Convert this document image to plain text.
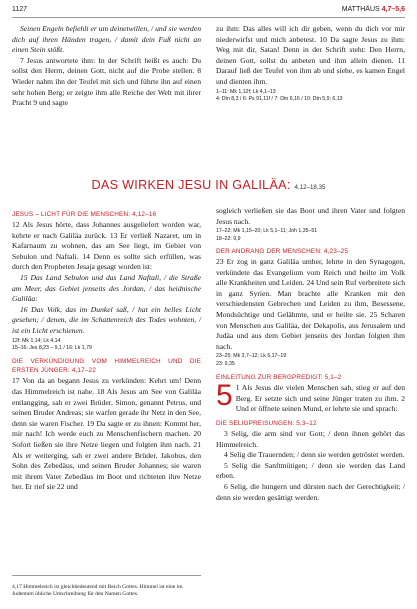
1127	MATTHÄUS 4,7–5,6

Seinen Engeln befiehlt er um deinetwillen, / und sie werden dich auf ihren Händen tragen, / damit dein Fuß nicht an einen Stein stößt.

7 Jesus antwortete ihm: In der Schrift heißt es auch: Du sollst den Herrn, deinen Gott, nicht auf die Probe stellen. 8 Wieder nahm ihn der Teufel mit sich und führte ihn auf einen sehr hohen Berg; er zeigte ihm alle Reiche der Welt mit ihrer Pracht 9 und sagte

zu ihm: Das alles will ich dir geben, wenn du dich vor mir niederwirfst und mich anbetest. 10 Da sagte Jesus zu ihm: Weg mit dir, Satan! Denn in der Schrift steht: Den Herrn, deinen Gott, sollst du anbeten und ihm allein dienen. 11 Darauf ließ der Teufel von ihm ab und siehe, es kamen Engel und dienten ihm.

1–11: Mk 1,12f; Lk 4,1–13
4: Dtn 8,3 / 6: Ps 91,11f / 7: Dtn 6,16 / 10: Dtn 5,9; 6,13

DAS WIRKEN JESU IN GALILÄA: 4,12–18,35
JESUS – LICHT FÜR DIE MENSCHEN: 4,12–16

12 Als Jesus hörte, dass Johannes ausgeliefert worden war, kehrte er nach Galiläa zurück. 13 Er verließ Nazaret, um in Kafarnaum zu wohnen, das am See liegt, im Gebiet von Sebulon und Naftali. 14 Denn es sollte sich erfüllen, was durch den Propheten Jesaja gesagt worden ist:

15 Das Land Sebulon und das Land Naftali, / die Straße am Meer, das Gebiet jenseits des Jordan, / das heidnische Galiläa:

16 Das Volk, das im Dunkel saß, / hat ein helles Licht gesehen; / denen, die im Schattenreich des Todes wohnten, / ist ein Licht erschienen.

12f: Mk 1,14; Lk 4,14
15–16: Jes 8,23 – 9,1 / 16: Lk 1,79

DIE VERKÜNDIGUNG VOM HIMMELREICH UND DIE ERSTEN JÜNGER: 4,17–22

17 Von da an begann Jesus zu verkünden: Kehrt um! Denn das Himmelreich ist nahe. 18 Als Jesus am See von Galiläa entlangging, sah er zwei Brüder, Simon, genannt Petrus, und seinen Bruder Andreas; sie warfen gerade ihr Netz in den See, denn sie waren Fischer. 19 Da sagte er zu ihnen: Kommt her, mir nach! Ich werde euch zu Menschenfischern machen. 20 Sofort ließen sie ihre Netze liegen und folgten ihm nach. 21 Als er weiterging, sah er zwei andere Brüder, Jakobus, den Sohn des Zebedäus, und seinen Bruder Johannes; sie waren mit ihrem Vater Zebedäus im Boot und richteten ihre Netze her. Er rief sie 22 und

4,17 Himmelreich ist gleichbedeutend mit Reich Gottes. Himmel ist eine im Judentum übliche Umschreibung für den Namen Gottes.

sogleich verließen sie das Boot und ihren Vater und folgten Jesus nach.

17–22: Mk 1,15–20; Lk 5,1–11; Joh 1,35–51
18–22: 9,9

DER ANDRANG DER MENSCHEN: 4,23–25

23 Er zog in ganz Galiläa umher, lehrte in den Synagogen, verkündete das Evangelium vom Reich und heilte im Volk alle Krankheiten und Leiden. 24 Und sein Ruf verbreitete sich in ganz Syrien. Man brachte alle Kranken mit den verschiedensten Gebrechen und Leiden zu ihm, Besessene, Mondsüchtige und Gelähmte, und er heilte sie. 25 Scharen von Menschen aus Galiläa, der Dekapolis, aus Jerusalem und Judäa und aus dem Gebiet jenseits des Jordan folgten ihm nach.

23–25: Mk 3,7–12; Lk 6,17–19
23: 9,35

EINLEITUNG ZUR BERGPREDIGT: 5,1–2

5 1 Als Jesus die vielen Menschen sah, stieg er auf den Berg. Er setzte sich und seine Jünger traten zu ihm. 2 Und er öffnete seinen Mund, er lehrte sie und sprach:

DIE SELIGPREISUNGEN: 5,3–12

3 Selig, die arm sind vor Gott; / denn ihnen gehört das Himmelreich.

4 Selig die Trauernden; / denn sie werden getröstet werden.

5 Selig die Sanftmütigen; / denn sie werden das Land erben.

6 Selig, die hungern und dürsten nach der Gerechtigkeit; / denn sie werden gesättigt werden.
